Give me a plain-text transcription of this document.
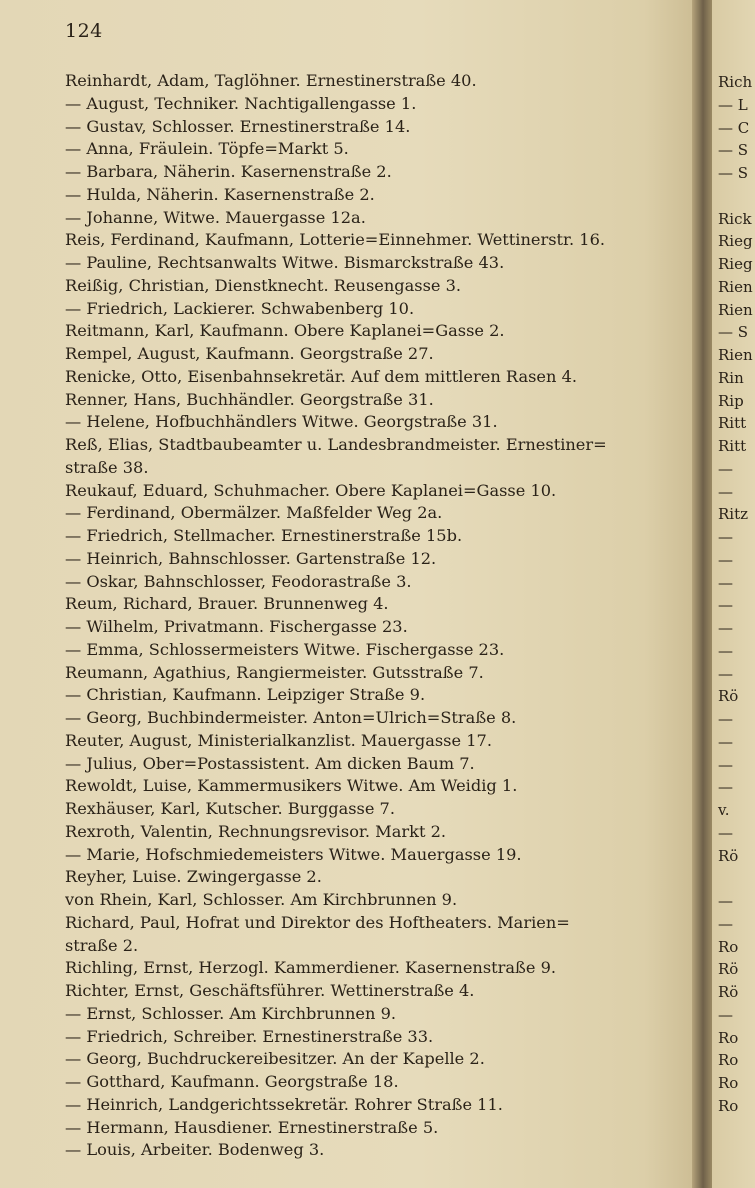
124
Reinhardt, Adam, Taglöhner. Ernestinerstraße 40.
— August, Techniker. Nachtigallengasse 1.
— Gustav, Schlosser. Ernestinerstraße 14.
— Anna, Fräulein. Töpfe=Markt 5.
— Barbara, Näherin. Kasernenstraße 2.
— Hulda, Näherin. Kasernenstraße 2.
— Johanne, Witwe. Mauergasse 12a.
Reis, Ferdinand, Kaufmann, Lotterie=Einnehmer. Wettinerstr. 16.
— Pauline, Rechtsanwalts Witwe. Bismarckstraße 43.
Reißig, Christian, Dienstknecht. Reusengasse 3.
— Friedrich, Lackierer. Schwabenberg 10.
Reitmann, Karl, Kaufmann. Obere Kaplanei=Gasse 2.
Rempel, August, Kaufmann. Georgstraße 27.
Renicke, Otto, Eisenbahnsekretär. Auf dem mittleren Rasen 4.
Renner, Hans, Buchhändler. Georgstraße 31.
— Helene, Hofbuchhändlers Witwe. Georgstraße 31.
Reß, Elias, Stadtbaubeamter u. Landesbrandmeister. Ernestiner=
straße 38.
Reukauf, Eduard, Schuhmacher. Obere Kaplanei=Gasse 10.
— Ferdinand, Obermälzer. Maßfelder Weg 2a.
— Friedrich, Stellmacher. Ernestinerstraße 15b.
— Heinrich, Bahnschlosser. Gartenstraße 12.
— Oskar, Bahnschlosser, Feodorastraße 3.
Reum, Richard, Brauer. Brunnenweg 4.
— Wilhelm, Privatmann. Fischergasse 23.
— Emma, Schlossermeisters Witwe. Fischergasse 23.
Reumann, Agathius, Rangiermeister. Gutsstraße 7.
— Christian, Kaufmann. Leipziger Straße 9.
— Georg, Buchbindermeister. Anton=Ulrich=Straße 8.
Reuter, August, Ministerialkanzlist. Mauergasse 17.
— Julius, Ober=Postassistent. Am dicken Baum 7.
Rewoldt, Luise, Kammermusikers Witwe. Am Weidig 1.
Rexhäuser, Karl, Kutscher. Burggasse 7.
Rexroth, Valentin, Rechnungsrevisor. Markt 2.
— Marie, Hofschmiedemeisters Witwe. Mauergasse 19.
Reyher, Luise. Zwingergasse 2.
von Rhein, Karl, Schlosser. Am Kirchbrunnen 9.
Richard, Paul, Hofrat und Direktor des Hoftheaters. Marien=
straße 2.
Richling, Ernst, Herzogl. Kammerdiener. Kasernenstraße 9.
Richter, Ernst, Geschäftsführer. Wettinerstraße 4.
— Ernst, Schlosser. Am Kirchbrunnen 9.
— Friedrich, Schreiber. Ernestinerstraße 33.
— Georg, Buchdruckereibesitzer. An der Kapelle 2.
— Gotthard, Kaufmann. Georgstraße 18.
— Heinrich, Landgerichtssekretär. Rohrer Straße 11.
— Hermann, Hausdiener. Ernestinerstraße 5.
— Louis, Arbeiter. Bodenweg 3.
Rich
— L
— C
— S
— S
Rick
Rieg
Rieg
Rien
Rien
— S
Rien
Rin
Rip
Ritt
Ritt
—
—
Ritz
—
—
—
—
—
—
—
Rö
—
—
—
—
v.
—
Rö
—
—
Ro
Rö
Rö
—
Ro
Ro
Ro
Ro
